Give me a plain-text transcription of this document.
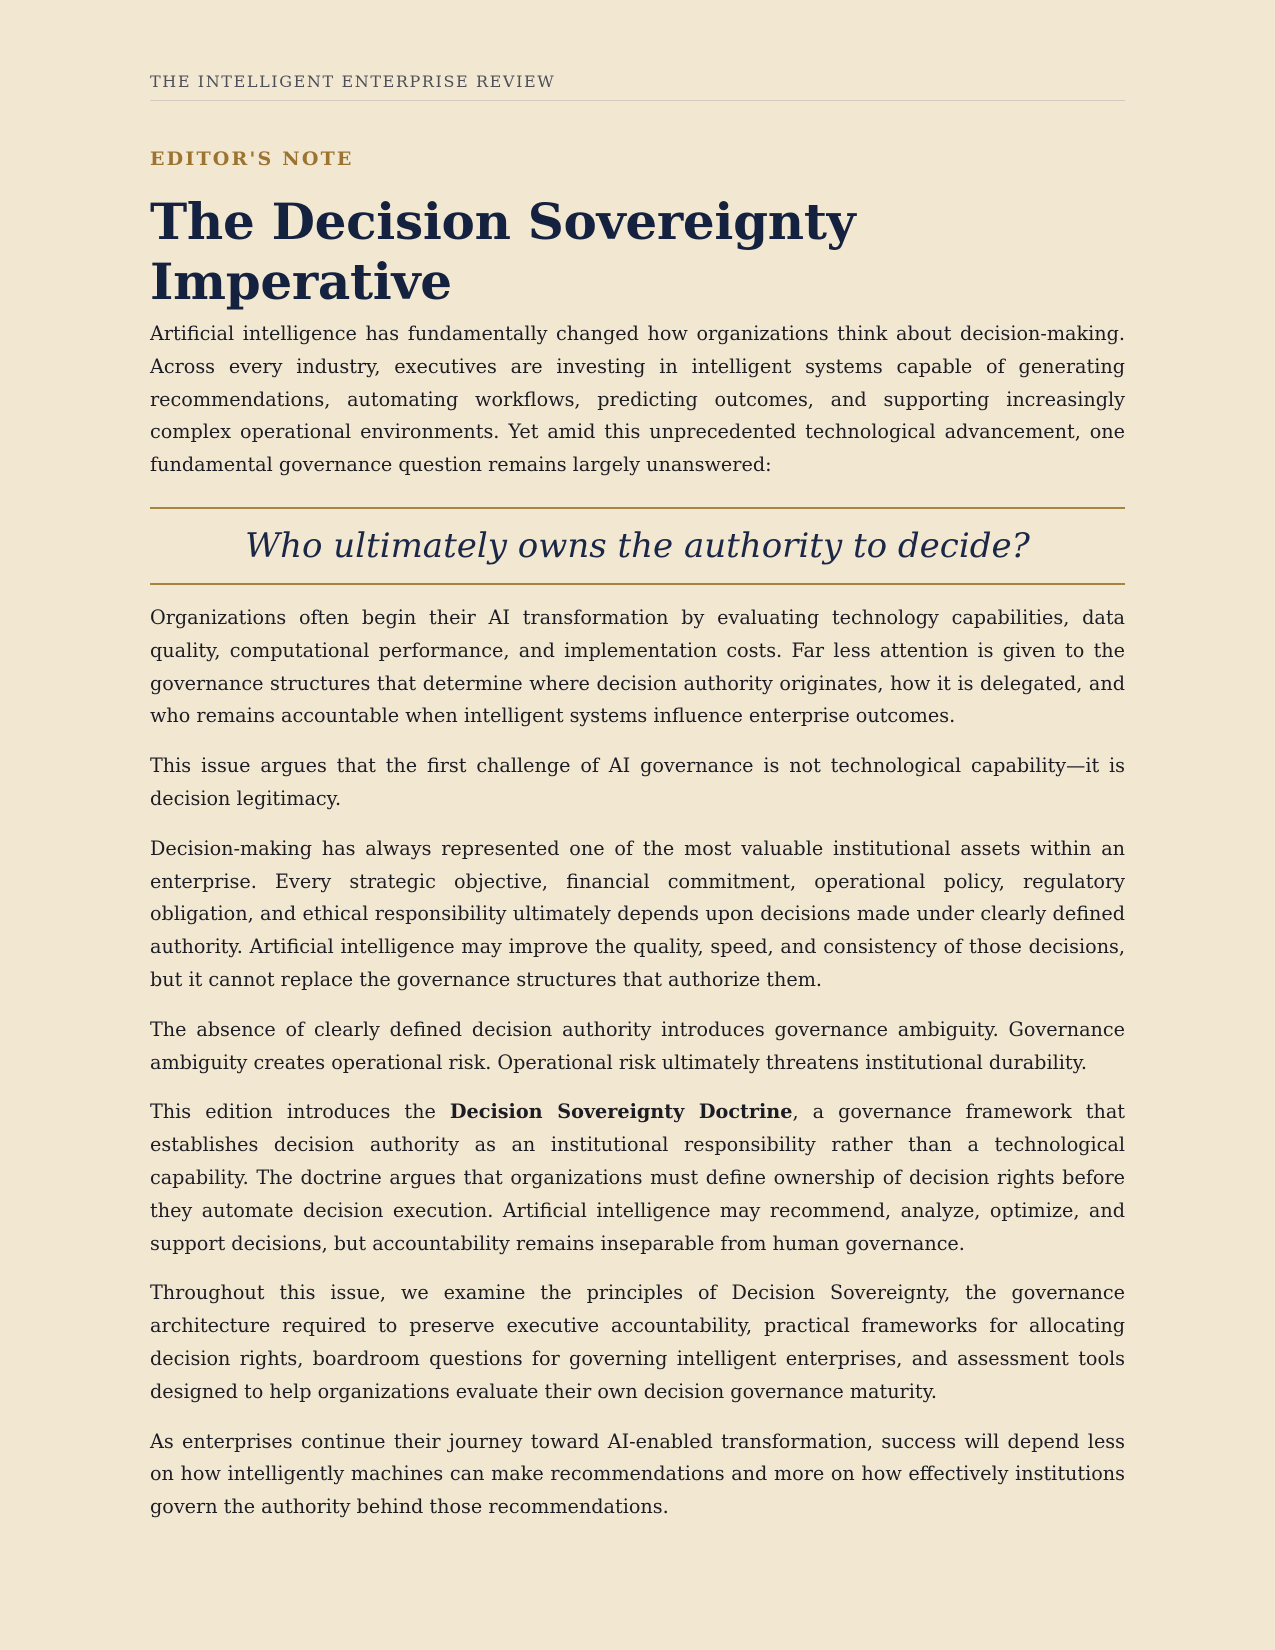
THE INTELLIGENT ENTERPRISE REVIEW
EDITOR'S NOTE
The Decision Sovereignty Imperative

Artificial intelligence has fundamentally changed how organizations think about decision-making. Across every industry, executives are investing in intelligent systems capable of generating recommendations, automating workflows, predicting outcomes, and supporting increasingly complex operational environments. Yet amid this unprecedented technological advancement, one fundamental governance question remains largely unanswered:

Who ultimately owns the authority to decide?

Organizations often begin their AI transformation by evaluating technology capabilities, data quality, computational performance, and implementation costs. Far less attention is given to the governance structures that determine where decision authority originates, how it is delegated, and who remains accountable when intelligent systems influence enterprise outcomes.

This issue argues that the first challenge of AI governance is not technological capability—it is decision legitimacy.

Decision-making has always represented one of the most valuable institutional assets within an enterprise. Every strategic objective, financial commitment, operational policy, regulatory obligation, and ethical responsibility ultimately depends upon decisions made under clearly defined authority. Artificial intelligence may improve the quality, speed, and consistency of those decisions, but it cannot replace the governance structures that authorize them.

The absence of clearly defined decision authority introduces governance ambiguity. Governance ambiguity creates operational risk. Operational risk ultimately threatens institutional durability.

This edition introduces the Decision Sovereignty Doctrine, a governance framework that establishes decision authority as an institutional responsibility rather than a technological capability. The doctrine argues that organizations must define ownership of decision rights before they automate decision execution. Artificial intelligence may recommend, analyze, optimize, and support decisions, but accountability remains inseparable from human governance.

Throughout this issue, we examine the principles of Decision Sovereignty, the governance architecture required to preserve executive accountability, practical frameworks for allocating decision rights, boardroom questions for governing intelligent enterprises, and assessment tools designed to help organizations evaluate their own decision governance maturity.

As enterprises continue their journey toward AI-enabled transformation, success will depend less on how intelligently machines can make recommendations and more on how effectively institutions govern the authority behind those recommendations.
